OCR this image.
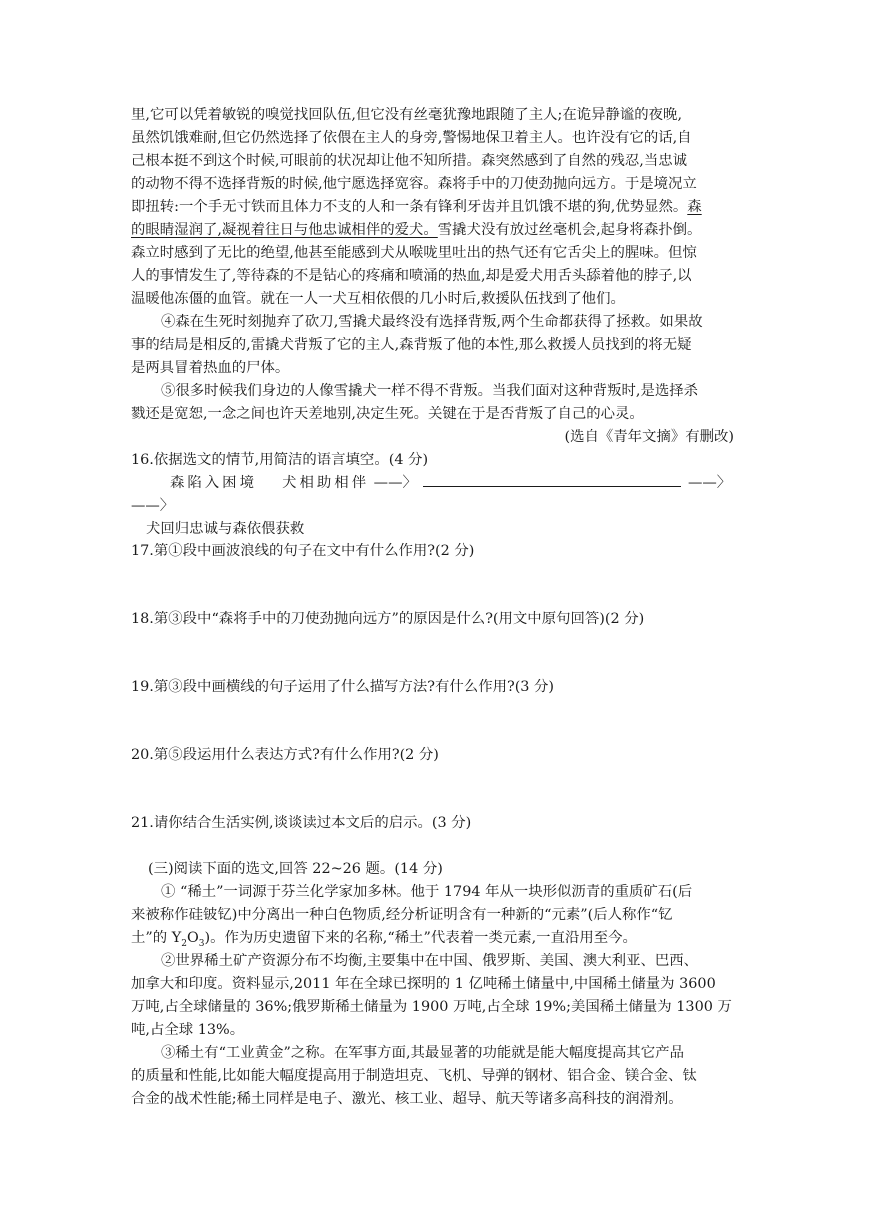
里,它可以凭着敏锐的嗅觉找回队伍,但它没有丝毫犹豫地跟随了主人;在诡异静谧的夜晚,
虽然饥饿难耐,但它仍然选择了依偎在主人的身旁,警惕地保卫着主人。也许没有它的话,自
己根本挺不到这个时候,可眼前的状况却让他不知所措。森突然感到了自然的残忍,当忠诚
的动物不得不选择背叛的时候,他宁愿选择宽容。森将手中的刀使劲抛向远方。于是境况立
即扭转:一个手无寸铁而且体力不支的人和一条有锋利牙齿并且饥饿不堪的狗,优势显然。森
的眼睛湿润了,凝视着往日与他忠诚相伴的爱犬。雪撬犬没有放过丝毫机会,起身将森扑倒。
森立时感到了无比的绝望,他甚至能感到犬从喉咙里吐出的热气还有它舌尖上的腥味。但惊
人的事情发生了,等待森的不是钻心的疼痛和喷涌的热血,却是爱犬用舌头舔着他的脖子,以
温暖他冻僵的血管。就在一人一犬互相依偎的几小时后,救援队伍找到了他们。
④森在生死时刻抛弃了砍刀,雪撬犬最终没有选择背叛,两个生命都获得了拯救。如果故
事的结局是相反的,雷撬犬背叛了它的主人,森背叛了他的本性,那么救援人员找到的将无疑
是两具冒着热血的尸体。
⑤很多时候我们身边的人像雪撬犬一样不得不背叛。当我们面对这种背叛时,是选择杀
戮还是宽恕,一念之间也许天差地别,决定生死。关键在于是否背叛了自己的心灵。
(选自《青年文摘》有删改)
16.依据选文的情节,用简洁的语言填空。(4 分)
森陷入困境 犬相助相伴 ——〉	——〉
——〉
犬回归忠诚与森依偎获救
17.第①段中画波浪线的句子在文中有什么作用?(2 分)
18.第③段中“森将手中的刀使劲抛向远方”的原因是什么?(用文中原句回答)(2 分)
19.第③段中画横线的句子运用了什么描写方法?有什么作用?(3 分)
20.第⑤段运用什么表达方式?有什么作用?(2 分)
21.请你结合生活实例,谈谈读过本文后的启示。(3 分)
(三)阅读下面的选文,回答 22~26 题。(14 分)
① “稀土”一词源于芬兰化学家加多林。他于 1794 年从一块形似沥青的重质矿石(后
来被称作硅铍钇)中分离出一种白色物质,经分析证明含有一种新的“元素”(后人称作“钇
土”的 $Y_2O_3$)。作为历史遗留下来的名称,“稀土”代表着一类元素,一直沿用至今。
②世界稀土矿产资源分布不均衡,主要集中在中国、俄罗斯、美国、澳大利亚、巴西、
加拿大和印度。资料显示,2011 年在全球已探明的 1 亿吨稀土储量中,中国稀土储量为 3600
万吨,占全球储量的 36%;俄罗斯稀土储量为 1900 万吨,占全球 19%;美国稀土储量为 1300 万
吨,占全球 13%。
③稀土有“工业黄金”之称。在军事方面,其最显著的功能就是能大幅度提高其它产品
的质量和性能,比如能大幅度提高用于制造坦克、飞机、导弹的钢材、铝合金、镁合金、钛
合金的战术性能;稀土同样是电子、激光、核工业、超导、航天等诸多高科技的润滑剂。
